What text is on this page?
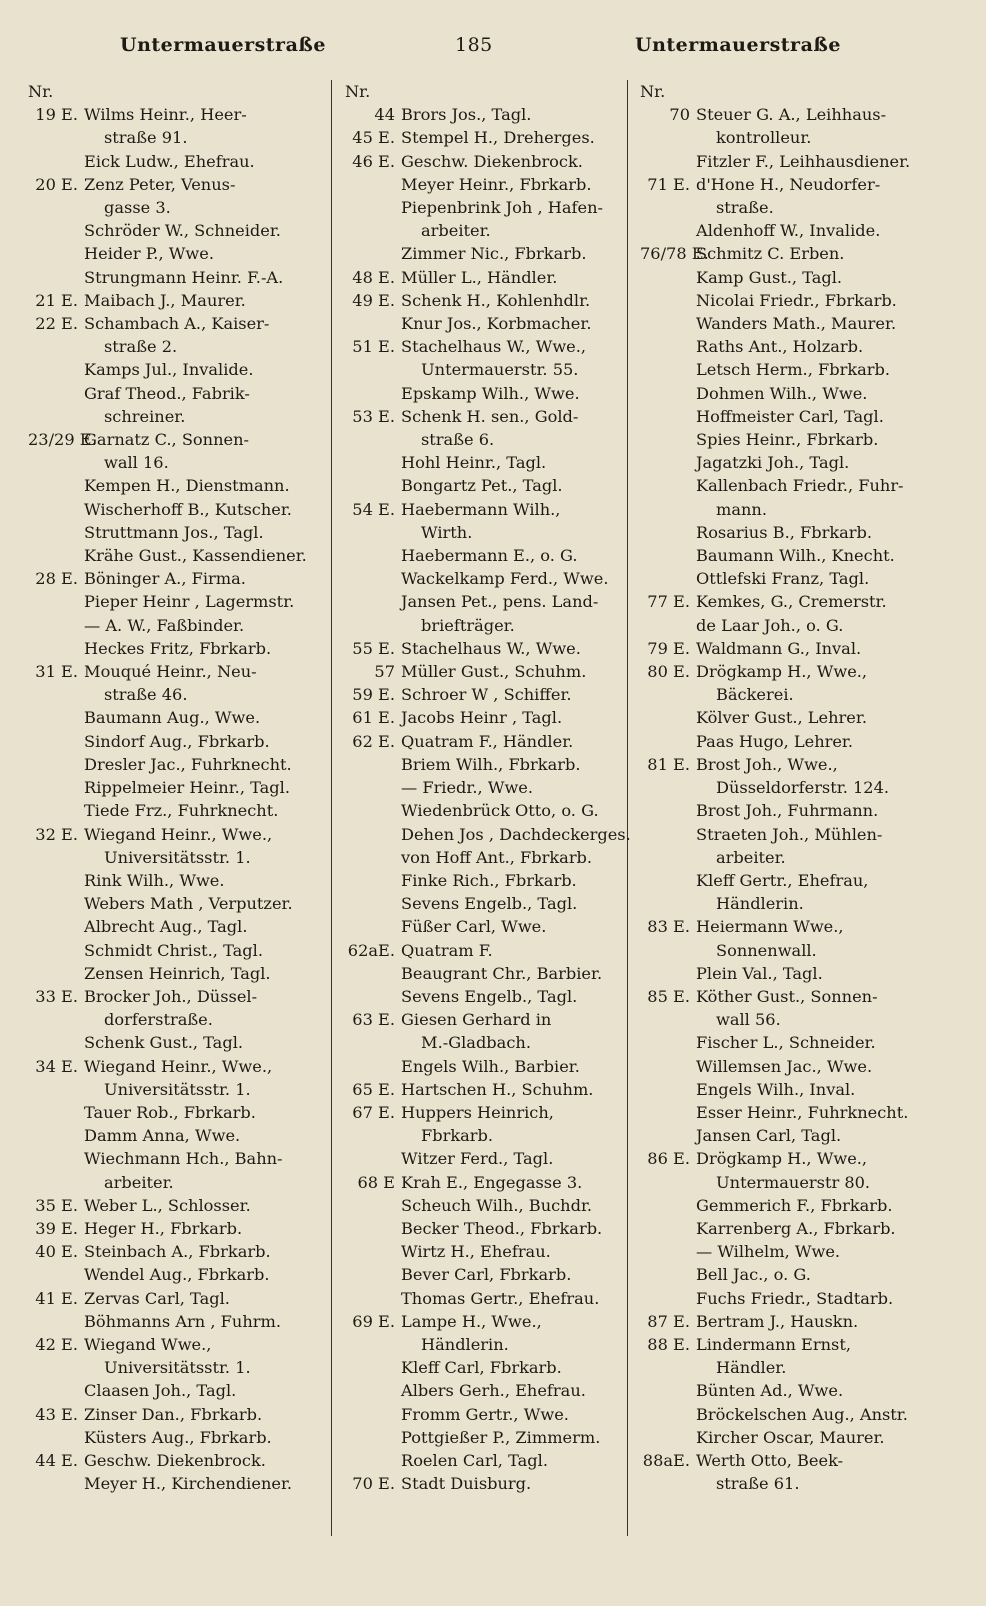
Untermauerstraße	185	Untermauerstraße
Nr.
19 E. Wilms Heinr., Heer-
straße 91.
Eick Ludw., Ehefrau.
20 E. Zenz Peter, Venus-
gasse 3.
Schröder W., Schneider.
Heider P., Wwe.
Strungmann Heinr. F.-A.
21 E. Maibach J., Maurer.
22 E. Schambach A., Kaiser-
straße 2.
Kamps Jul., Invalide.
Graf Theod., Fabrik-
schreiner.
23/29 E.Garnatz C., Sonnen-
wall 16.
Kempen H., Dienstmann.
Wischerhoff B., Kutscher.
Struttmann Jos., Tagl.
Krähe Gust., Kassendiener.
28 E. Böninger A., Firma.
Pieper Heinr , Lagermstr.
— A. W., Faßbinder.
Heckes Fritz, Fbrkarb.
31 E. Mouqué Heinr., Neu-
straße 46.
Baumann Aug., Wwe.
Sindorf Aug., Fbrkarb.
Dresler Jac., Fuhrknecht.
Rippelmeier Heinr., Tagl.
Tiede Frz., Fuhrknecht.
32 E. Wiegand Heinr., Wwe.,
Universitätsstr. 1.
Rink Wilh., Wwe.
Webers Math , Verputzer.
Albrecht Aug., Tagl.
Schmidt Christ., Tagl.
Zensen Heinrich, Tagl.
33 E. Brocker Joh., Düssel-
dorferstraße.
Schenk Gust., Tagl.
34 E. Wiegand Heinr., Wwe.,
Universitätsstr. 1.
Tauer Rob., Fbrkarb.
Damm Anna, Wwe.
Wiechmann Hch., Bahn-
arbeiter.
35 E. Weber L., Schlosser.
39 E. Heger H., Fbrkarb.
40 E. Steinbach A., Fbrkarb.
Wendel Aug., Fbrkarb.
41 E. Zervas Carl, Tagl.
Böhmanns Arn , Fuhrm.
42 E. Wiegand Wwe.,
Universitätsstr. 1.
Claasen Joh., Tagl.
43 E. Zinser Dan., Fbrkarb.
Küsters Aug., Fbrkarb.
44 E. Geschw. Diekenbrock.
Meyer H., Kirchendiener.
Nr.
44 Brors Jos., Tagl.
45 E. Stempel H., Dreherges.
46 E. Geschw. Diekenbrock.
Meyer Heinr., Fbrkarb.
Piepenbrink Joh , Hafen-
arbeiter.
Zimmer Nic., Fbrkarb.
48 E. Müller L., Händler.
49 E. Schenk H., Kohlenhdlr.
Knur Jos., Korbmacher.
51 E. Stachelhaus W., Wwe.,
Untermauerstr. 55.
Epskamp Wilh., Wwe.
53 E. Schenk H. sen., Gold-
straße 6.
Hohl Heinr., Tagl.
Bongartz Pet., Tagl.
54 E. Haebermann Wilh.,
Wirth.
Haebermann E., o. G.
Wackelkamp Ferd., Wwe.
Jansen Pet., pens. Land-
briefträger.
55 E. Stachelhaus W., Wwe.
57 Müller Gust., Schuhm.
59 E. Schroer W , Schiffer.
61 E. Jacobs Heinr , Tagl.
62 E. Quatram F., Händler.
Briem Wilh., Fbrkarb.
— Friedr., Wwe.
Wiedenbrück Otto, o. G.
Dehen Jos , Dachdeckerges.
von Hoff Ant., Fbrkarb.
Finke Rich., Fbrkarb.
Sevens Engelb., Tagl.
Füßer Carl, Wwe.
62aE. Quatram F.
Beaugrant Chr., Barbier.
Sevens Engelb., Tagl.
63 E. Giesen Gerhard in
M.-Gladbach.
Engels Wilh., Barbier.
65 E. Hartschen H., Schuhm.
67 E. Huppers Heinrich,
Fbrkarb.
Witzer Ferd., Tagl.
68 E Krah E., Engegasse 3.
Scheuch Wilh., Buchdr.
Becker Theod., Fbrkarb.
Wirtz H., Ehefrau.
Bever Carl, Fbrkarb.
Thomas Gertr., Ehefrau.
69 E. Lampe H., Wwe.,
Händlerin.
Kleff Carl, Fbrkarb.
Albers Gerh., Ehefrau.
Fromm Gertr., Wwe.
Pottgießer P., Zimmerm.
Roelen Carl, Tagl.
70 E. Stadt Duisburg.
Nr.
70 Steuer G. A., Leihhaus-
kontrolleur.
Fitzler F., Leihhausdiener.
71 E. d'Hone H., Neudorfer-
straße.
Aldenhoff W., Invalide.
76/78 E.Schmitz C. Erben.
Kamp Gust., Tagl.
Nicolai Friedr., Fbrkarb.
Wanders Math., Maurer.
Raths Ant., Holzarb.
Letsch Herm., Fbrkarb.
Dohmen Wilh., Wwe.
Hoffmeister Carl, Tagl.
Spies Heinr., Fbrkarb.
Jagatzki Joh., Tagl.
Kallenbach Friedr., Fuhr-
mann.
Rosarius B., Fbrkarb.
Baumann Wilh., Knecht.
Ottlefski Franz, Tagl.
77 E. Kemkes, G., Cremerstr.
de Laar Joh., o. G.
79 E. Waldmann G., Inval.
80 E. Drögkamp H., Wwe.,
Bäckerei.
Kölver Gust., Lehrer.
Paas Hugo, Lehrer.
81 E. Brost Joh., Wwe.,
Düsseldorferstr. 124.
Brost Joh., Fuhrmann.
Straeten Joh., Mühlen-
arbeiter.
Kleff Gertr., Ehefrau,
Händlerin.
83 E. Heiermann Wwe.,
Sonnenwall.
Plein Val., Tagl.
85 E. Köther Gust., Sonnen-
wall 56.
Fischer L., Schneider.
Willemsen Jac., Wwe.
Engels Wilh., Inval.
Esser Heinr., Fuhrknecht.
Jansen Carl, Tagl.
86 E. Drögkamp H., Wwe.,
Untermauerstr 80.
Gemmerich F., Fbrkarb.
Karrenberg A., Fbrkarb.
— Wilhelm, Wwe.
Bell Jac., o. G.
Fuchs Friedr., Stadtarb.
87 E. Bertram J., Hauskn.
88 E. Lindermann Ernst,
Händler.
Bünten Ad., Wwe.
Bröckelschen Aug., Anstr.
Kircher Oscar, Maurer.
88aE. Werth Otto, Beek-
straße 61.
